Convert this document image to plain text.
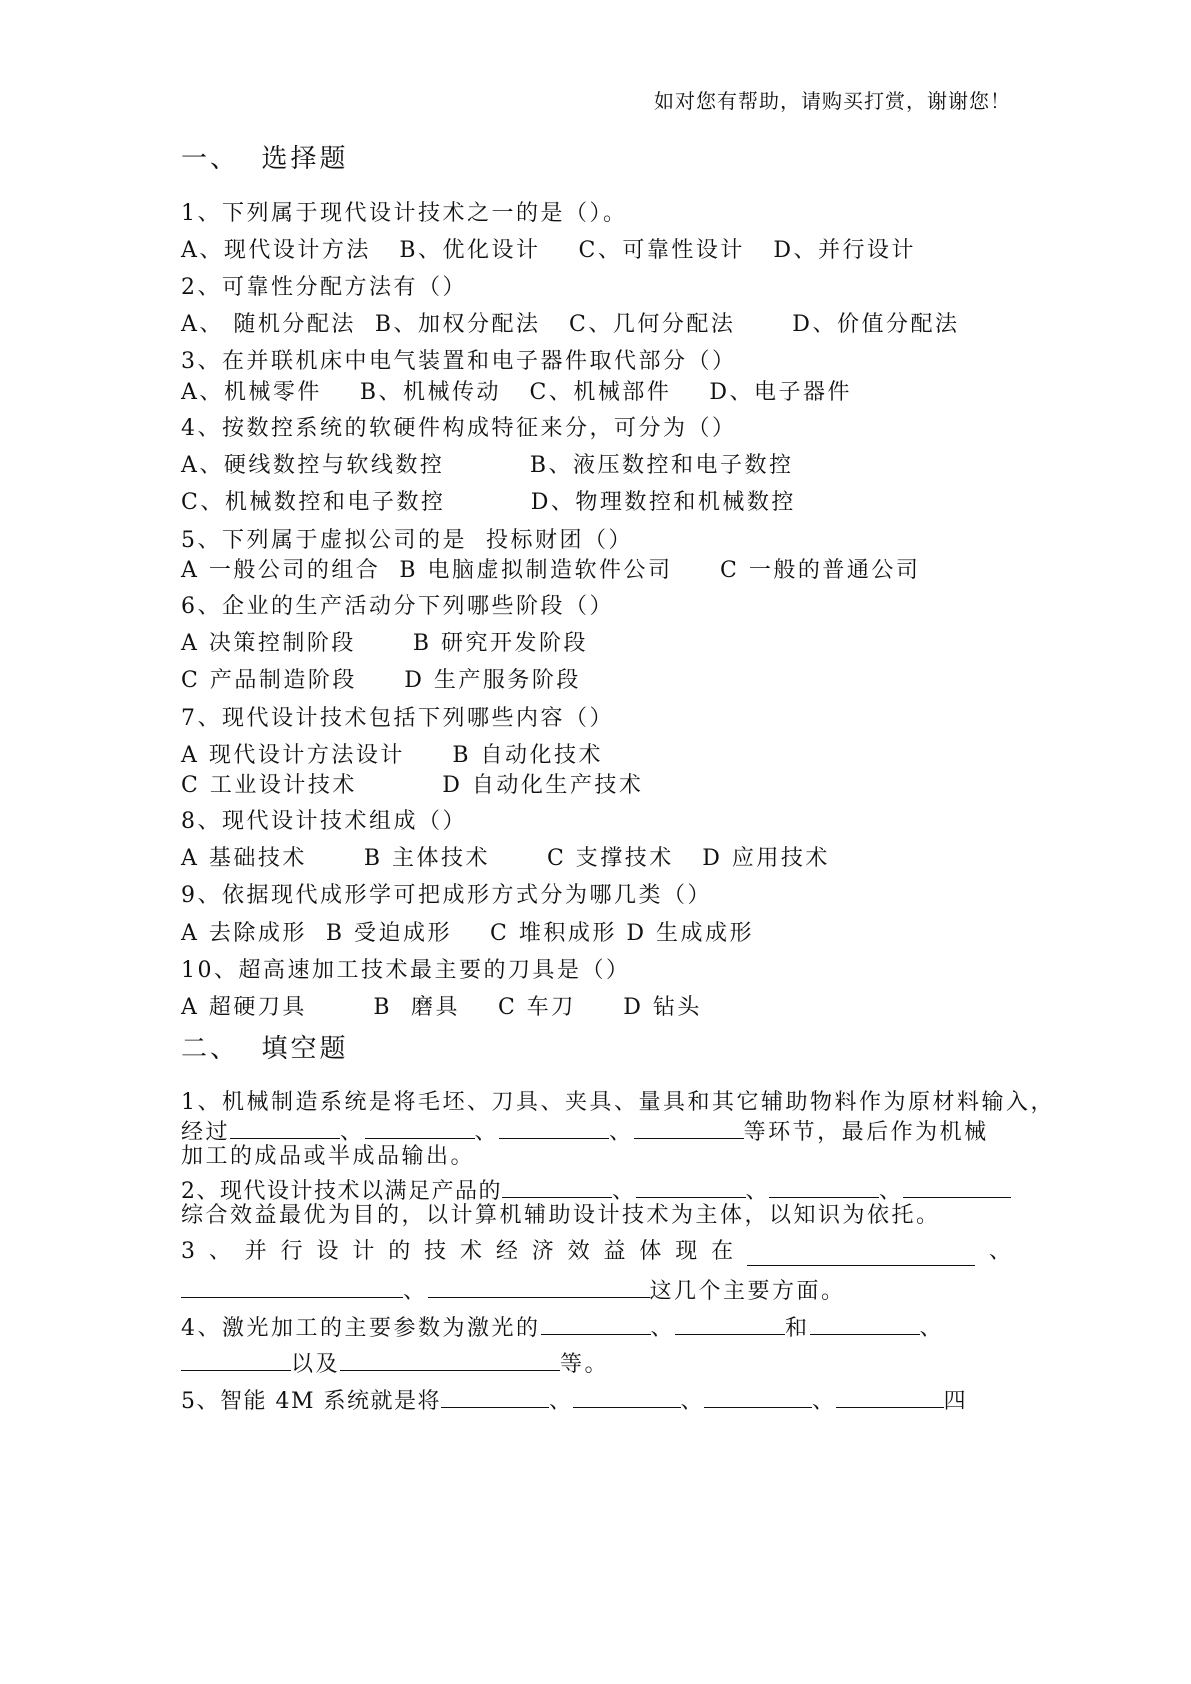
如对您有帮助，请购买打赏，谢谢您！
一、  选择题
1、下列属于现代设计技术之一的是（）。
A、现代设计方法   B、优化设计    C、可靠性设计   D、并行设计
2、可靠性分配方法有（）
A、 随机分配法  B、加权分配法   C、几何分配法      D、价值分配法
3、在并联机床中电气装置和电子器件取代部分（）
A、机械零件    B、机械传动   C、机械部件    D、电子器件
4、按数控系统的软硬件构成特征来分，可分为（）
A、硬线数控与软线数控         B、液压数控和电子数控
C、机械数控和电子数控         D、物理数控和机械数控
5、下列属于虚拟公司的是  投标财团（）
A 一般公司的组合  B 电脑虚拟制造软件公司     C 一般的普通公司
6、企业的生产活动分下列哪些阶段（）
A 决策控制阶段      B 研究开发阶段
C 产品制造阶段     D 生产服务阶段
7、现代设计技术包括下列哪些内容（）
A 现代设计方法设计     B 自动化技术
C 工业设计技术         D 自动化生产技术
8、现代设计技术组成（）
A 基础技术      B 主体技术      C 支撑技术   D 应用技术
9、依据现代成形学可把成形方式分为哪几类（）
A 去除成形  B 受迫成形    C 堆积成形 D 生成成形
10、超高速加工技术最主要的刀具是（）
A 超硬刀具       B  磨具    C 车刀     D 钻头
二、  填空题
1、机械制造系统是将毛坯、刀具、夹具、量具和其它辅助物料作为原材料输入，
经过	、	、	、	等环节，最后作为机械
加工的成品或半成品输出。
2、现代设计技术以满足产品的	、	、	、
综合效益最优为目的，以计算机辅助设计技术为主体，以知识为依托。
3 、 并 行 设 计 的 技 术 经 济 效 益 体 现 在	、
、	这几个主要方面。
4、激光加工的主要参数为激光的	、	和	、
以及	等。
5、智能 4M 系统就是将	、	、	、	四
